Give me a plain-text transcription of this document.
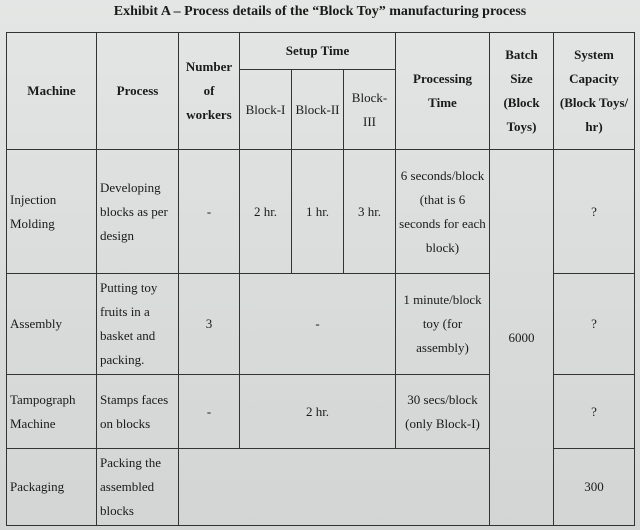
Exhibit A – Process details of the “Block Toy” manufacturing process
Machine	Process	Number of workers	Setup Time			Processing Time	Batch Size (Block Toys)	System Capacity (Block Toys/ hr)
			Block-I	Block-II	Block-III			
Injection Molding	Developing blocks as per design	-	2 hr.	1 hr.	3 hr.	6 seconds/block (that is 6 seconds for each block)	6000	?
Assembly	Putting toy fruits in a basket and packing.	3	-			1 minute/block toy (for assembly)		?
Tampograph Machine	Stamps faces on blocks	-	2 hr.			30 secs/block (only Block-I)		?
Packaging	Packing the assembled blocks							300
